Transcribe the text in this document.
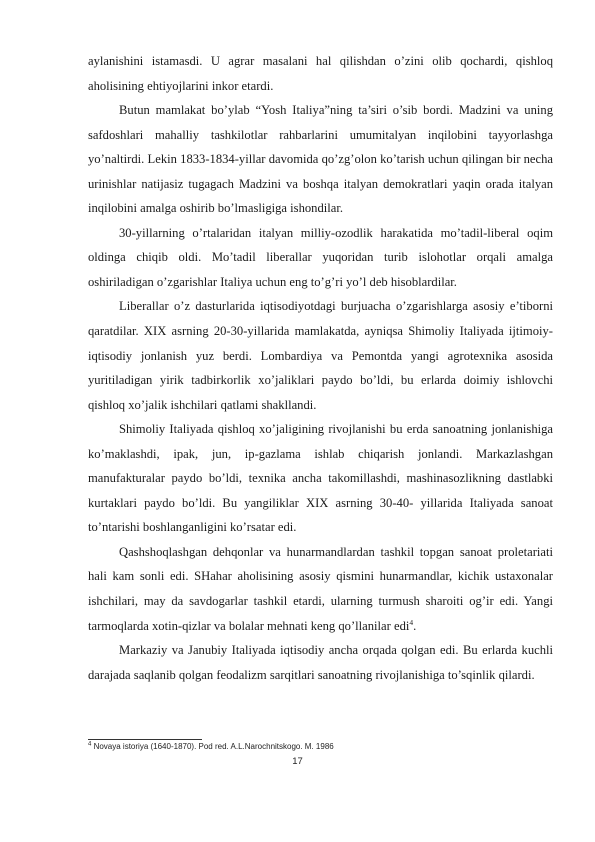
aylanishini istamasdi. U agrar masalani hal qilishdan o’zini olib qochardi, qishloq aholisining ehtiyojlarini inkor etardi.

Butun mamlakat bo’ylab “Yosh Italiya”ning ta’siri o’sib bordi. Madzini va uning safdoshlari mahalliy tashkilotlar rahbarlarini umumitalyan inqilobini tayyorlashga yo’naltirdi. Lekin 1833-1834-yillar davomida qo’zg’olon ko’tarish uchun qilingan bir necha urinishlar natijasiz tugagach Madzini va boshqa italyan demokratlari yaqin orada italyan inqilobini amalga oshirib bo’lmasligiga ishondilar.

30-yillarning o’rtalaridan italyan milliy-ozodlik harakatida mo’tadil-liberal oqim oldinga chiqib oldi. Mo’tadil liberallar yuqoridan turib islohotlar orqali amalga oshiriladigan o’zgarishlar Italiya uchun eng to’g’ri yo’l deb hisoblardilar.

Liberallar o’z dasturlarida iqtisodiyotdagi burjuacha o’zgarishlarga asosiy e’tiborni qaratdilar. XIX asrning 20-30-yillarida mamlakatda, ayniqsa Shimoliy Italiyada ijtimoiy-iqtisodiy jonlanish yuz berdi. Lombardiya va Pemontda yangi agrotexnika asosida yuritiladigan yirik tadbirkorlik xo’jaliklari paydo bo’ldi, bu erlarda doimiy ishlovchi qishloq xo’jalik ishchilari qatlami shakllandi.

Shimoliy Italiyada qishloq xo’jaligining rivojlanishi bu erda sanoatning jonlanishiga ko’maklashdi, ipak, jun, ip-gazlama ishlab chiqarish jonlandi. Markazlashgan manufakturalar paydo bo’ldi, texnika ancha takomillashdi, mashinasozlikning dastlabki kurtaklari paydo bo’ldi. Bu yangiliklar XIX asrning 30-40- yillarida Italiyada sanoat to’ntarishi boshlanganligini ko’rsatar edi.

Qashshoqlashgan dehqonlar va hunarmandlardan tashkil topgan sanoat proletariati hali kam sonli edi. SHahar aholisining asosiy qismini hunarmandlar, kichik ustaxonalar ishchilari, may da savdogarlar tashkil etardi, ularning turmush sharoiti og’ir edi. Yangi tarmoqlarda xotin-qizlar va bolalar mehnati keng qo’llanilar edi$^4$.

Markaziy va Janubiy Italiyada iqtisodiy ancha orqada qolgan edi. Bu erlarda kuchli darajada saqlanib qolgan feodalizm sarqitlari sanoatning rivojlanishiga to’sqinlik qilardi.

$^4$ Novaya istoriya (1640-1870). Pod red. A.L.Narochnitskogo. M. 1986
17
